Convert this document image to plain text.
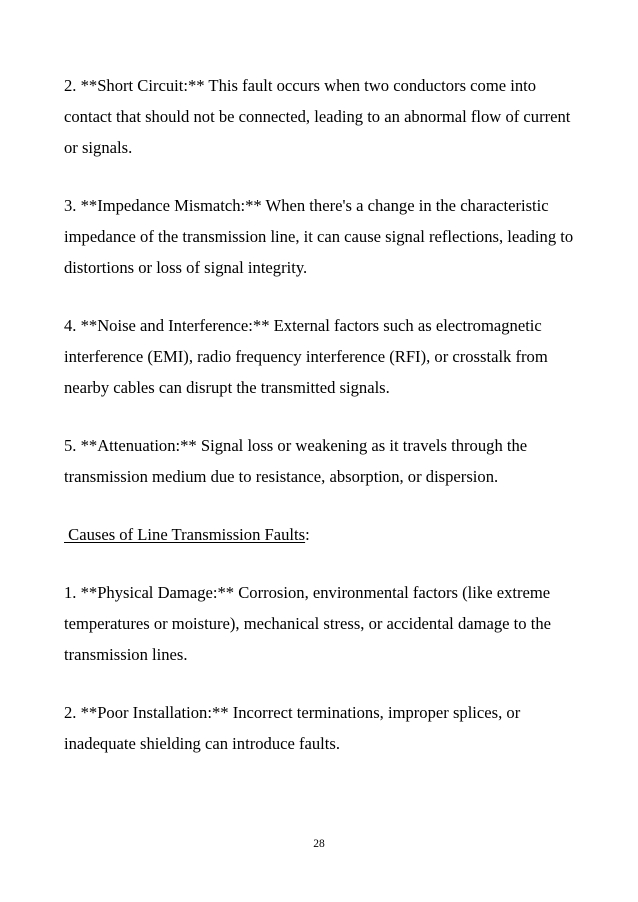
2. **Short Circuit:** This fault occurs when two conductors come into
contact that should not be connected, leading to an abnormal flow of current
or signals.

3. **Impedance Mismatch:** When there's a change in the characteristic
impedance of the transmission line, it can cause signal reflections, leading to
distortions or loss of signal integrity.

4. **Noise and Interference:** External factors such as electromagnetic
interference (EMI), radio frequency interference (RFI), or crosstalk from
nearby cables can disrupt the transmitted signals.

5. **Attenuation:** Signal loss or weakening as it travels through the
transmission medium due to resistance, absorption, or dispersion.

Causes of Line Transmission Faults:

1. **Physical Damage:** Corrosion, environmental factors (like extreme
temperatures or moisture), mechanical stress, or accidental damage to the
transmission lines.

2. **Poor Installation:** Incorrect terminations, improper splices, or
inadequate shielding can introduce faults.

28
